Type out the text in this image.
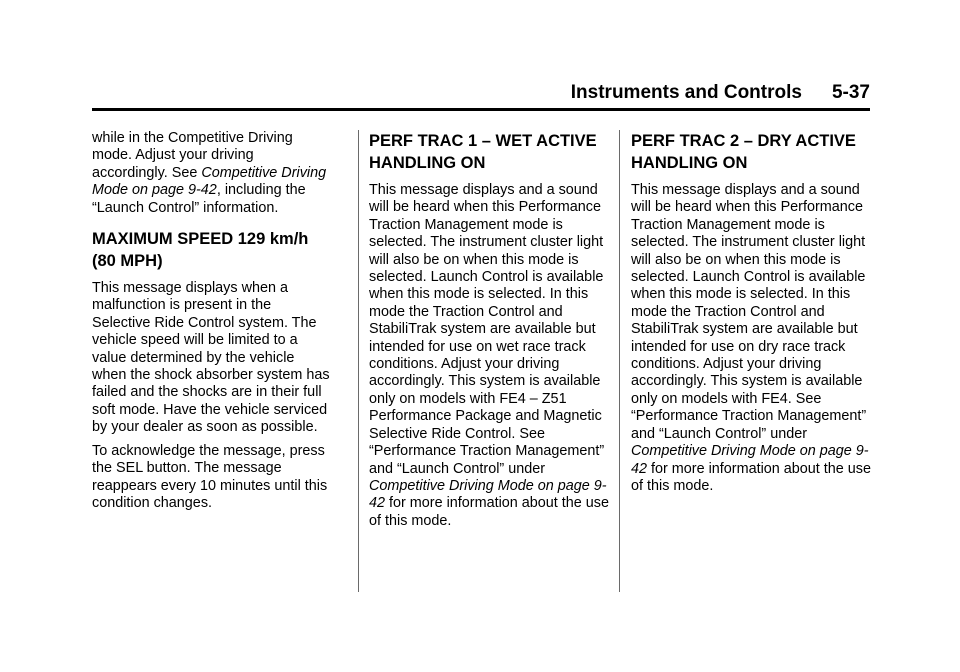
Instruments and Controls 5-37

while in the Competitive Driving mode. Adjust your driving accordingly. See Competitive Driving Mode on page 9-42, including the “Launch Control” information.

MAXIMUM SPEED 129 km/h (80 MPH)

This message displays when a malfunction is present in the Selective Ride Control system. The vehicle speed will be limited to a value determined by the vehicle when the shock absorber system has failed and the shocks are in their full soft mode. Have the vehicle serviced by your dealer as soon as possible.

To acknowledge the message, press the SEL button. The message reappears every 10 minutes until this condition changes.

PERF TRAC 1 – WET ACTIVE HANDLING ON

This message displays and a sound will be heard when this Performance Traction Management mode is selected. The instrument cluster light will also be on when this mode is selected. Launch Control is available when this mode is selected. In this mode the Traction Control and StabiliTrak system are available but intended for use on wet race track conditions. Adjust your driving accordingly. This system is available only on models with FE4 – Z51 Performance Package and Magnetic Selective Ride Control. See “Performance Traction Management” and “Launch Control” under Competitive Driving Mode on page 9-42 for more information about the use of this mode.

PERF TRAC 2 – DRY ACTIVE HANDLING ON

This message displays and a sound will be heard when this Performance Traction Management mode is selected. The instrument cluster light will also be on when this mode is selected. Launch Control is available when this mode is selected. In this mode the Traction Control and StabiliTrak system are available but intended for use on dry race track conditions. Adjust your driving accordingly. This system is available only on models with FE4. See “Performance Traction Management” and “Launch Control” under Competitive Driving Mode on page 9-42 for more information about the use of this mode.
